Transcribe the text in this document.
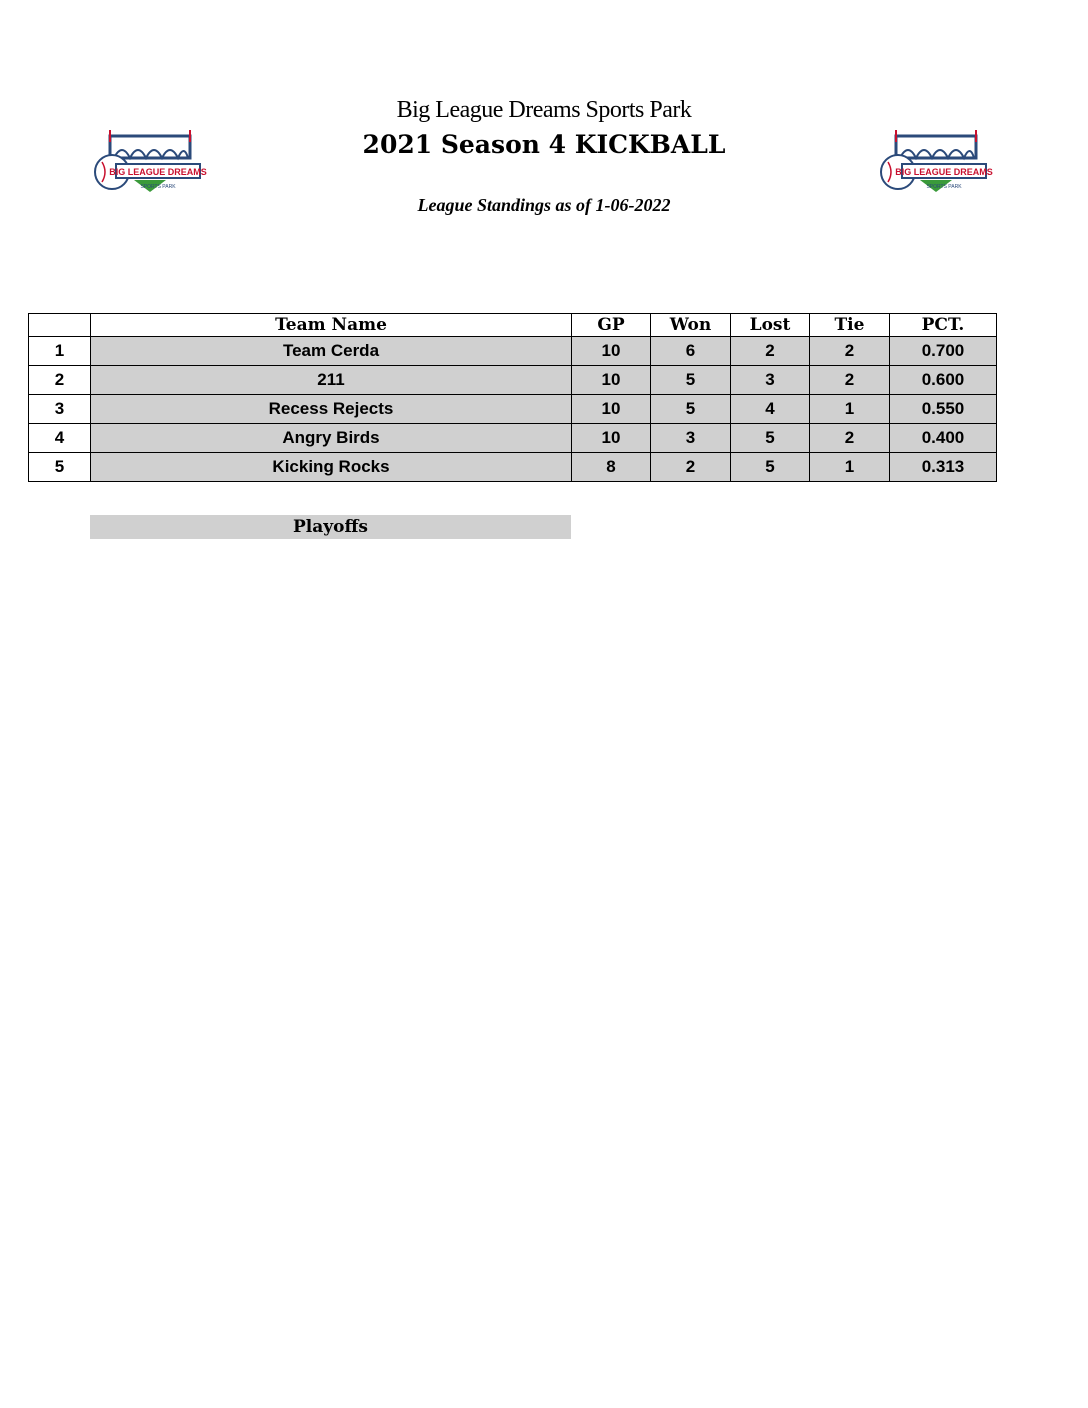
BIG LEAGUE DREAMS
SPORTS PARK
BIG LEAGUE DREAMS
SPORTS PARK
Big League Dreams Sports Park
2021 Season 4 KICKBALL
League Standings as of 1-06-2022
	Team Name	GP	Won	Lost	Tie	PCT.
1	Team Cerda	10	6	2	2	0.700
2	211	10	5	3	2	0.600
3	Recess Rejects	10	5	4	1	0.550
4	Angry Birds	10	3	5	2	0.400
5	Kicking Rocks	8	2	5	1	0.313
Playoffs
